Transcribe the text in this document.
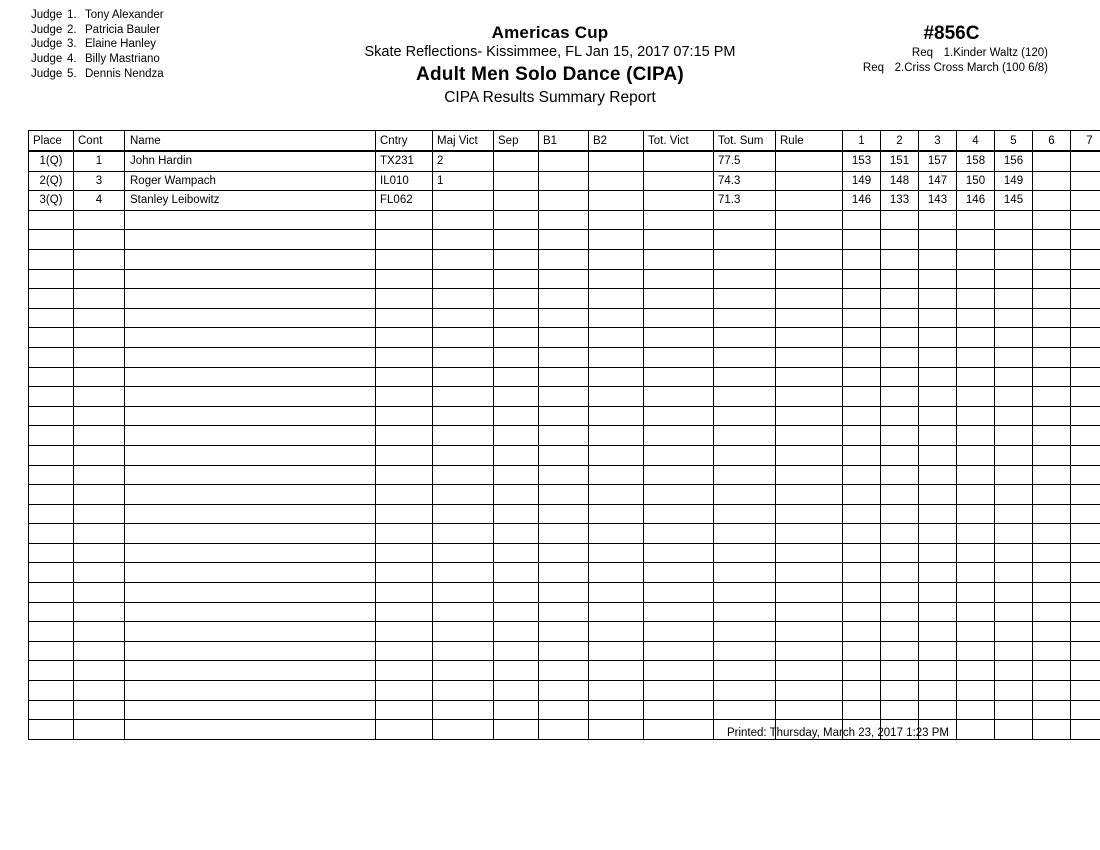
Judge 1. Tony Alexander
Judge 2. Patricia Bauler
Judge 3. Elaine Hanley
Judge 4. Billy Mastriano
Judge 5. Dennis Nendza
Americas Cup
Skate Reflections- Kissimmee, FL Jan 15, 2017 07:15 PM
Adult Men Solo Dance (CIPA)
CIPA Results Summary Report
#856C
Req 1.Kinder Waltz (120)
Req 2.Criss Cross March (100 6/8)
Place	Cont	Name	Cntry	Maj Vict	Sep	B1	B2	Tot. Vict	Tot. Sum	Rule	1	2	3	4	5	6	7
1(Q)	1	John Hardin	TX231	2					77.5		153	151	157	158	156		
2(Q)	3	Roger Wampach	IL010	1					74.3		149	148	147	150	149		
3(Q)	4	Stanley Leibowitz	FL062						71.3		146	133	143	146	145		

Printed: Thursday, March 23, 2017 1:23 PM
